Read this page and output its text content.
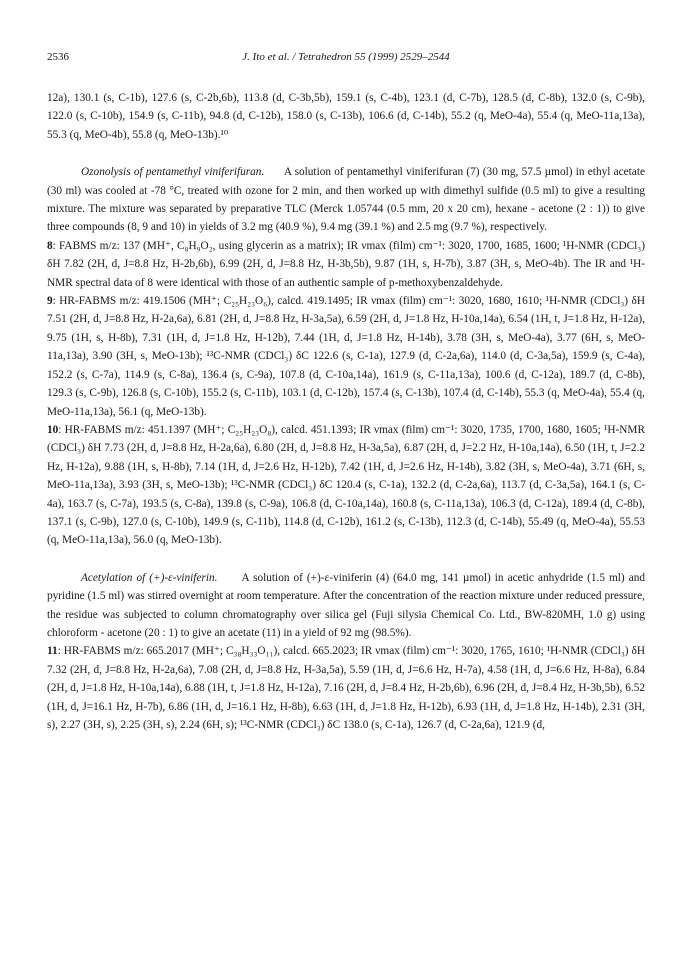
2536	J. Ito et al. / Tetrahedron 55 (1999) 2529–2544

12a), 130.1 (s, C-1b), 127.6 (s, C-2b,6b), 113.8 (d, C-3b,5b), 159.1 (s, C-4b), 123.1 (d, C-7b), 128.5 (d, C-8b), 132.0 (s, C-9b), 122.0 (s, C-10b), 154.9 (s, C-11b), 94.8 (d, C-12b), 158.0 (s, C-13b), 106.6 (d, C-14b), 55.2 (q, MeO-4a), 55.4 (q, MeO-11a,13a), 55.3 (q, MeO-4b), 55.8 (q, MeO-13b).¹⁰

Ozonolysis of pentamethyl viniferifuran. A solution of pentamethyl viniferifuran (7) (30 mg, 57.5 µmol) in ethyl acetate (30 ml) was cooled at -78 °C, treated with ozone for 2 min, and then worked up with dimethyl sulfide (0.5 ml) to give a resulting mixture. The mixture was separated by preparative TLC (Merck 1.05744 (0.5 mm, 20 x 20 cm), hexane - acetone (2 : 1)) to give three compounds (8, 9 and 10) in yields of 3.2 mg (40.9 %), 9.4 mg (39.1 %) and 2.5 mg (9.7 %), respectively.

8: FABMS m/z: 137 (MH⁺, C₈H₉O₂, using glycerin as a matrix); IR νmax (film) cm⁻¹: 3020, 1700, 1685, 1600; ¹H-NMR (CDCl₃) δH 7.82 (2H, d, J=8.8 Hz, H-2b,6b), 6.99 (2H, d, J=8.8 Hz, H-3b,5b), 9.87 (1H, s, H-7b), 3.87 (3H, s, MeO-4b). The IR and ¹H-NMR spectral data of 8 were identical with those of an authentic sample of p-methoxybenzaldehyde.

9: HR-FABMS m/z: 419.1506 (MH⁺; C₂₅H₂₃O₆), calcd. 419.1495; IR νmax (film) cm⁻¹: 3020, 1680, 1610; ¹H-NMR (CDCl₃) δH 7.51 (2H, d, J=8.8 Hz, H-2a,6a), 6.81 (2H, d, J=8.8 Hz, H-3a,5a), 6.59 (2H, d, J=1.8 Hz, H-10a,14a), 6.54 (1H, t, J=1.8 Hz, H-12a), 9.75 (1H, s, H-8b), 7.31 (1H, d, J=1.8 Hz, H-12b), 7.44 (1H, d, J=1.8 Hz, H-14b), 3.78 (3H, s, MeO-4a), 3.77 (6H, s, MeO-11a,13a), 3.90 (3H, s, MeO-13b); ¹³C-NMR (CDCl₃) δC 122.6 (s, C-1a), 127.9 (d, C-2a,6a), 114.0 (d, C-3a,5a), 159.9 (s, C-4a), 152.2 (s, C-7a), 114.9 (s, C-8a), 136.4 (s, C-9a), 107.8 (d, C-10a,14a), 161.9 (s, C-11a,13a), 100.6 (d, C-12a), 189.7 (d, C-8b), 129.3 (s, C-9b), 126.8 (s, C-10b), 155.2 (s, C-11b), 103.1 (d, C-12b), 157.4 (s, C-13b), 107.4 (d, C-14b), 55.3 (q, MeO-4a), 55.4 (q, MeO-11a,13a), 56.1 (q, MeO-13b).

10: HR-FABMS m/z: 451.1397 (MH⁺; C₂₅H₂₃O₈), calcd. 451.1393; IR νmax (film) cm⁻¹: 3020, 1735, 1700, 1680, 1605; ¹H-NMR (CDCl₃) δH 7.73 (2H, d, J=8.8 Hz, H-2a,6a), 6.80 (2H, d, J=8.8 Hz, H-3a,5a), 6.87 (2H, d, J=2.2 Hz, H-10a,14a), 6.50 (1H, t, J=2.2 Hz, H-12a), 9.88 (1H, s, H-8b), 7.14 (1H, d, J=2.6 Hz, H-12b), 7.42 (1H, d, J=2.6 Hz, H-14b), 3.82 (3H, s, MeO-4a), 3.71 (6H, s, MeO-11a,13a), 3.93 (3H, s, MeO-13b); ¹³C-NMR (CDCl₃) δC 120.4 (s, C-1a), 132.2 (d, C-2a,6a), 113.7 (d, C-3a,5a), 164.1 (s, C-4a), 163.7 (s, C-7a), 193.5 (s, C-8a), 139.8 (s, C-9a), 106.8 (d, C-10a,14a), 160.8 (s, C-11a,13a), 106.3 (d, C-12a), 189.4 (d, C-8b), 137.1 (s, C-9b), 127.0 (s, C-10b), 149.9 (s, C-11b), 114.8 (d, C-12b), 161.2 (s, C-13b), 112.3 (d, C-14b), 55.49 (q, MeO-4a), 55.53 (q, MeO-11a,13a), 56.0 (q, MeO-13b).

Acetylation of (+)-ε-viniferin. A solution of (+)-ε-viniferin (4) (64.0 mg, 141 µmol) in acetic anhydride (1.5 ml) and pyridine (1.5 ml) was stirred overnight at room temperature. After the concentration of the reaction mixture under reduced pressure, the residue was subjected to column chromatography over silica gel (Fuji silysia Chemical Co. Ltd., BW-820MH, 1.0 g) using chloroform - acetone (20 : 1) to give an acetate (11) in a yield of 92 mg (98.5%).

11: HR-FABMS m/z: 665.2017 (MH⁺; C₃₈H₃₃O₁₁), calcd. 665.2023; IR νmax (film) cm⁻¹: 3020, 1765, 1610; ¹H-NMR (CDCl₃) δH 7.32 (2H, d, J=8.8 Hz, H-2a,6a), 7.08 (2H, d, J=8.8 Hz, H-3a,5a), 5.59 (1H, d, J=6.6 Hz, H-7a), 4.58 (1H, d, J=6.6 Hz, H-8a), 6.84 (2H, d, J=1.8 Hz, H-10a,14a), 6.88 (1H, t, J=1.8 Hz, H-12a), 7.16 (2H, d, J=8.4 Hz, H-2b,6b), 6.96 (2H, d, J=8.4 Hz, H-3b,5b), 6.52 (1H, d, J=16.1 Hz, H-7b), 6.86 (1H, d, J=16.1 Hz, H-8b), 6.63 (1H, d, J=1.8 Hz, H-12b), 6.93 (1H, d, J=1.8 Hz, H-14b), 2.31 (3H, s), 2.27 (3H, s), 2.25 (3H, s), 2.24 (6H, s); ¹³C-NMR (CDCl₃) δC 138.0 (s, C-1a), 126.7 (d, C-2a,6a), 121.9 (d,
